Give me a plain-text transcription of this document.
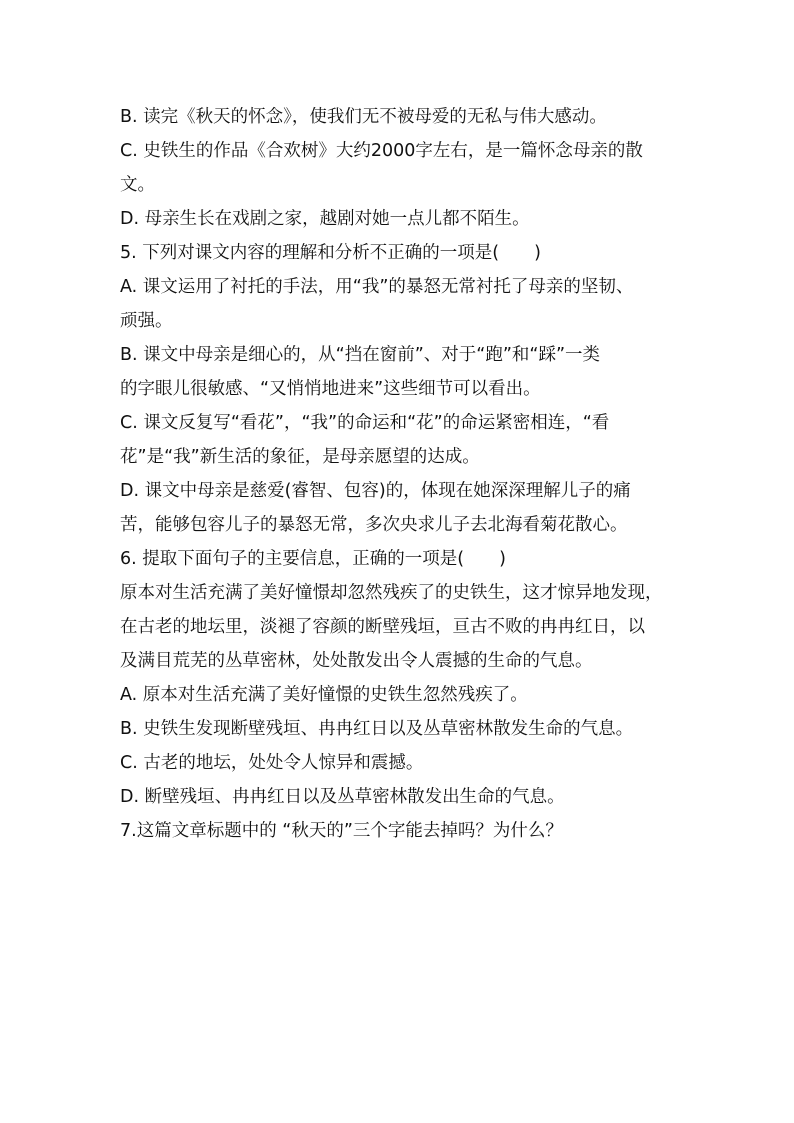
B. 读完《秋天的怀念》，使我们无不被母爱的无私与伟大感动。
C. 史铁生的作品《合欢树》大约2000字左右，是一篇怀念母亲的散
文。
D. 母亲生长在戏剧之家，越剧对她一点儿都不陌生。
5. 下列对课文内容的理解和分析不正确的一项是(　　)
A. 课文运用了衬托的手法，用“我”的暴怒无常衬托了母亲的坚韧、
顽强。
B. 课文中母亲是细心的，从“挡在窗前”、对于“跑”和“踩”一类
的字眼儿很敏感、“又悄悄地进来”这些细节可以看出。
C. 课文反复写“看花”，“我”的命运和“花”的命运紧密相连，“看
花”是“我”新生活的象征，是母亲愿望的达成。
D. 课文中母亲是慈爱(睿智、包容)的，体现在她深深理解儿子的痛
苦，能够包容儿子的暴怒无常，多次央求儿子去北海看菊花散心。
6. 提取下面句子的主要信息，正确的一项是(　　)
原本对生活充满了美好憧憬却忽然残疾了的史铁生，这才惊异地发现，
在古老的地坛里，淡褪了容颜的断壁残垣，亘古不败的冉冉红日，以
及满目荒芜的丛草密林，处处散发出令人震撼的生命的气息。
A. 原本对生活充满了美好憧憬的史铁生忽然残疾了。
B. 史铁生发现断壁残垣、冉冉红日以及丛草密林散发生命的气息。
C. 古老的地坛，处处令人惊异和震撼。
D. 断壁残垣、冉冉红日以及丛草密林散发出生命的气息。
7.这篇文章标题中的 “秋天的”三个字能去掉吗？为什么？
